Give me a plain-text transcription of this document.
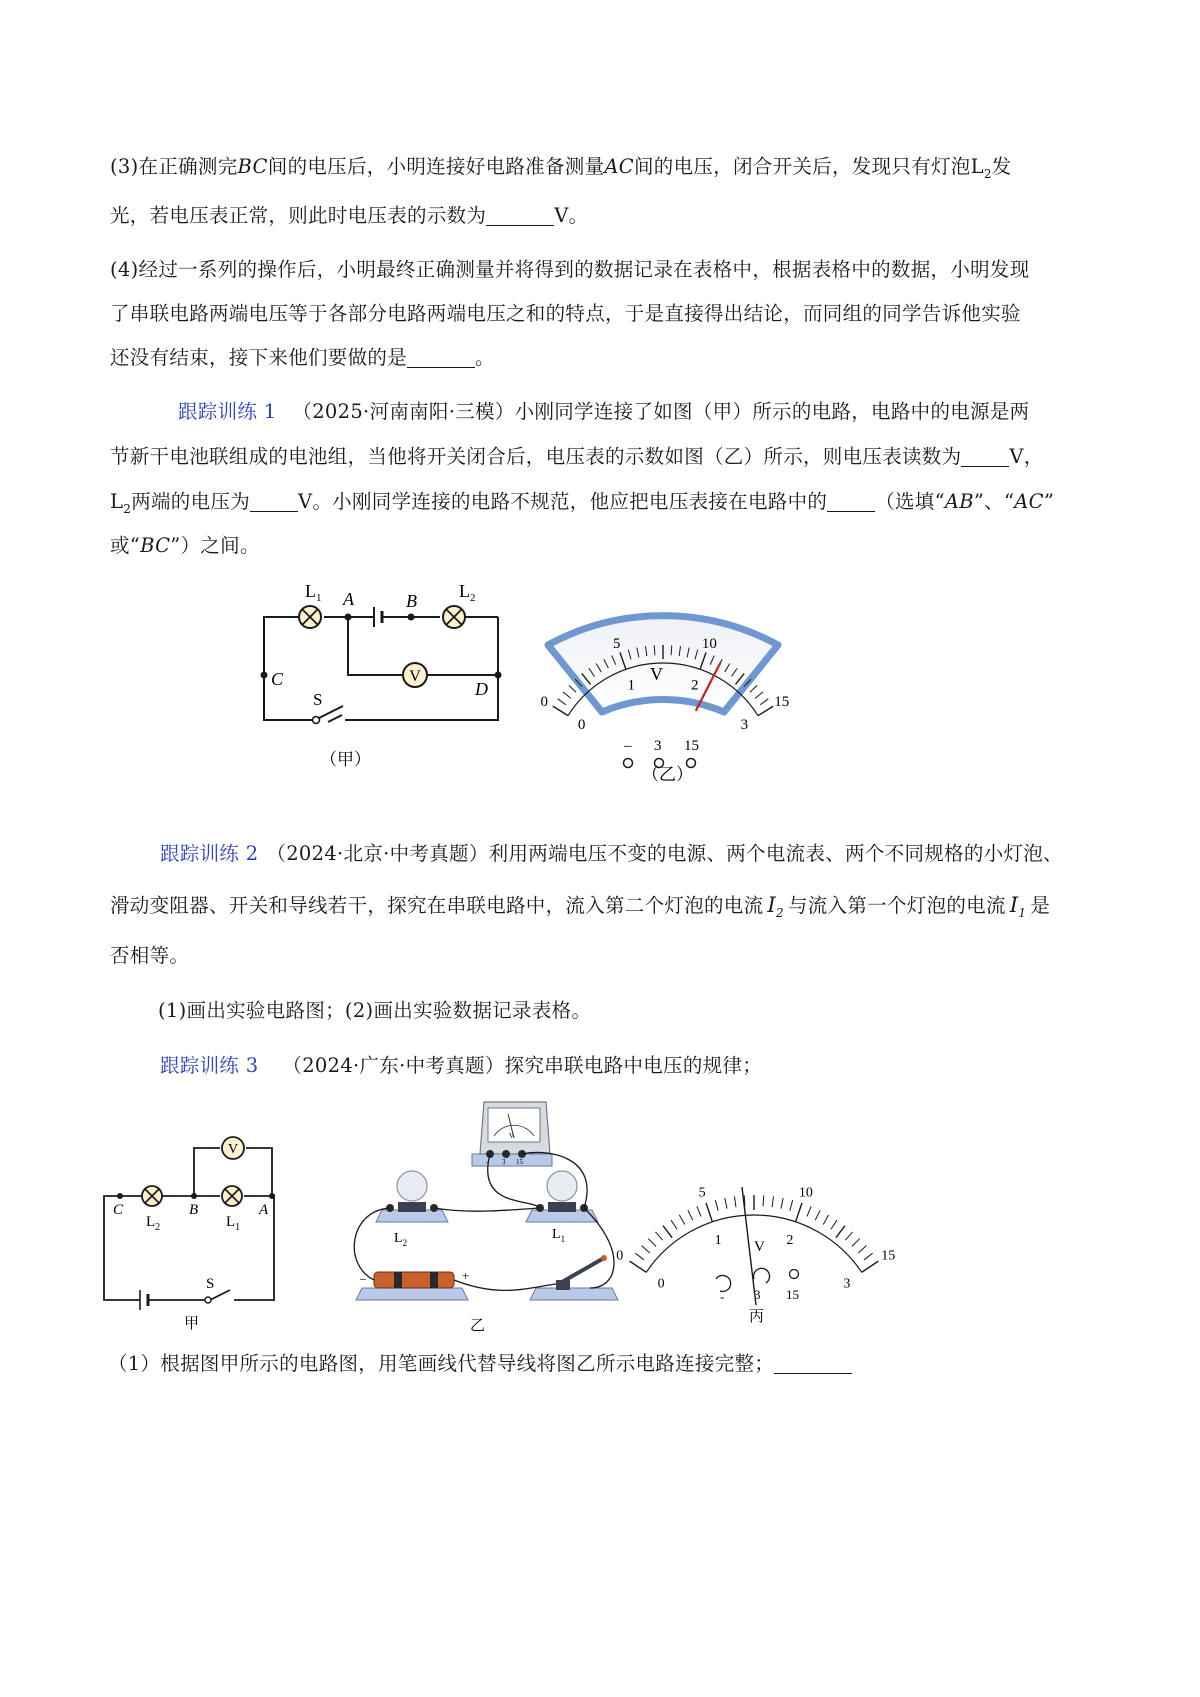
(3)在正确测完BC间的电压后，小明连接好电路准备测量AC间的电压，闭合开关后，发现只有灯泡$L_2$发
光，若电压表正常，则此时电压表的示数为	V。
(4)经过一系列的操作后，小明最终正确测量并将得到的数据记录在表格中，根据表格中的数据，小明发现
了串联电路两端电压等于各部分电路两端电压之和的特点，于是直接得出结论，而同组的同学告诉他实验
还没有结束，接下来他们要做的是	。
跟踪训练 1 （2025·河南南阳·三模）小刚同学连接了如图（甲）所示的电路，电路中的电源是两
节新干电池联组成的电池组，当他将开关闭合后，电压表的示数如图（乙）所示，则电压表读数为 V，
$L_2$两端的电压为 V。小刚同学连接的电路不规范，他应把电压表接在电路中的 （选填“AB”、“AC”
或“BC”）之间。
V
$L_1$	$L_2$
A	B
C	D
S
（甲）
0
5	10
15
0
1	2
3
V
– 3 15
（乙）
跟踪训练 2 （2024·北京·中考真题）利用两端电压不变的电源、两个电流表、两个不同规格的小灯泡、
滑动变阻器、开关和导线若干，探究在串联电路中，流入第二个灯泡的电流 $I_2$ 与流入第一个灯泡的电流 $I_1$ 是
否相等。
(1)画出实验电路图；(2)画出实验数据记录表格。
跟踪训练 3 （2024·广东·中考真题）探究串联电路中电压的规律；
V
C	B	A
$L_2$	$L_1$
S
甲
V
- 3 15
–	+
$L_2$
$L_1$
乙
0
5	10
15
0
1	2
3
V
- 3 15
丙
（1）根据图甲所示的电路图，用笔画线代替导线将图乙所示电路连接完整；
